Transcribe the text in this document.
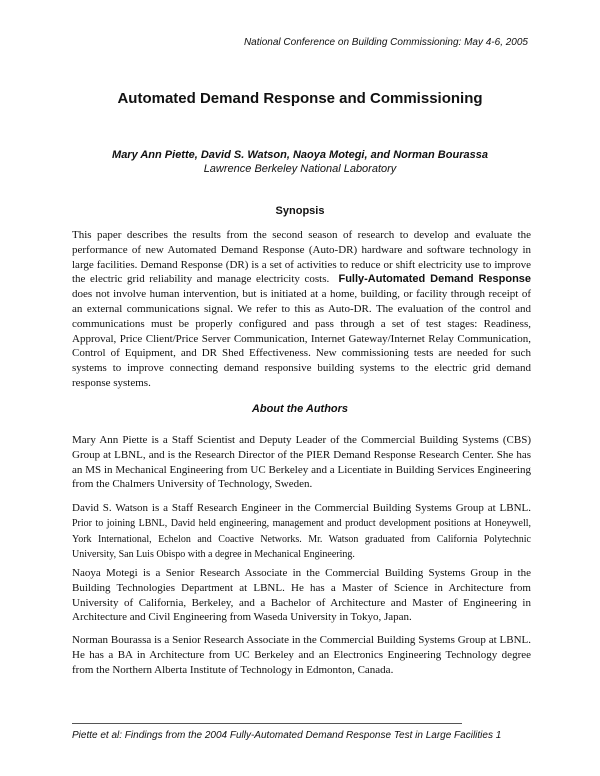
National Conference on Building Commissioning: May 4-6, 2005
Automated Demand Response and Commissioning
Mary Ann Piette, David S. Watson, Naoya Motegi, and Norman Bourassa
Lawrence Berkeley National Laboratory
Synopsis
This paper describes the results from the second season of research to develop and evaluate the performance of new Automated Demand Response (Auto-DR) hardware and software technology in large facilities. Demand Response (DR) is a set of activities to reduce or shift electricity use to improve the electric grid reliability and manage electricity costs. Fully-Automated Demand Response does not involve human intervention, but is initiated at a home, building, or facility through receipt of an external communications signal. We refer to this as Auto-DR. The evaluation of the control and communications must be properly configured and pass through a set of test stages: Readiness, Approval, Price Client/Price Server Communication, Internet Gateway/Internet Relay Communication, Control of Equipment, and DR Shed Effectiveness. New commissioning tests are needed for such systems to improve connecting demand responsive building systems to the electric grid demand response systems.
About the Authors
Mary Ann Piette is a Staff Scientist and Deputy Leader of the Commercial Building Systems (CBS) Group at LBNL, and is the Research Director of the PIER Demand Response Research Center. She has an MS in Mechanical Engineering from UC Berkeley and a Licentiate in Building Services Engineering from the Chalmers University of Technology, Sweden.
David S. Watson is a Staff Research Engineer in the Commercial Building Systems Group at LBNL. Prior to joining LBNL, David held engineering, management and product development positions at Honeywell, York International, Echelon and Coactive Networks. Mr. Watson graduated from California Polytechnic University, San Luis Obispo with a degree in Mechanical Engineering.
Naoya Motegi is a Senior Research Associate in the Commercial Building Systems Group in the Building Technologies Department at LBNL. He has a Master of Science in Architecture from University of California, Berkeley, and a Bachelor of Architecture and Master of Engineering in Architecture and Civil Engineering from Waseda University in Tokyo, Japan.
Norman Bourassa is a Senior Research Associate in the Commercial Building Systems Group at LBNL. He has a BA in Architecture from UC Berkeley and an Electronics Engineering Technology degree from the Northern Alberta Institute of Technology in Edmonton, Canada.
Piette et al: Findings from the 2004 Fully-Automated Demand Response Test in Large Facilities 1
